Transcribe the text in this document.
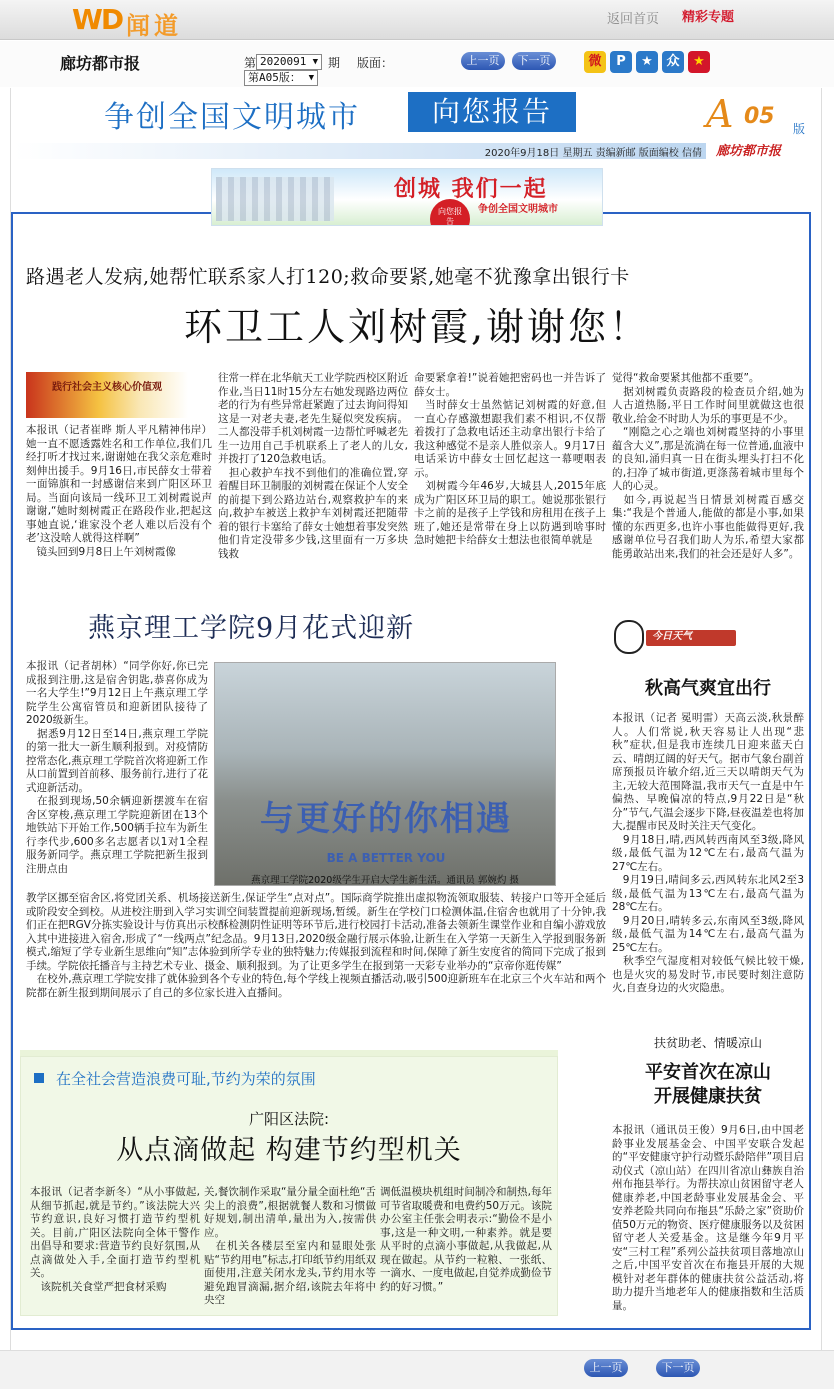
WD 闻道	返回首页 精彩专题
廊坊都市报	第 2020091 ▼ 期 版面：
第A05版： ▼
上一页	下一页	微	P	★	众	★
争创全国文明城市	向您报告	A 05 版
廊坊都市报
2020年9月18日 星期五 责编新邮 版面编校 信倩
向您报告
创城 我们一起
争创全国文明城市
路遇老人发病,她帮忙联系家人打120;救命要紧,她毫不犹豫拿出银行卡
环卫工人刘树霞,谢谢您！
践行社会主义核心价值观
本报讯（记者崔晔 斯人平凡精神伟岸）她一直不愿透露姓名和工作单位,我们几经打听才找过来,谢谢她在我父亲危难时刻伸出援手。9月16日,市民薛女士带着一面锦旗和一封感谢信来到广阳区环卫局。当面向该局一线环卫工刘树霞说声谢谢,“她时刻树霞正在路段作业,把起这事她直说,‘谁家没个老人难以后没有个老’这没啥人就得这样啊”
　镜头回到9月8日上午刘树霞像
往常一样在北华航天工业学院西校区附近作业,当日11时15分左右她发现路边两位老的行为有些异常赶紧跑了过去询问得知这是一对老夫妻,老先生疑似突发疾病。二人都没带手机刘树霞一边帮忙呼喊老先生一边用自己手机联系上了老人的儿女,并拨打了120急救电话。
　担心救护车找不到他们的准确位置,穿着醒目环卫制服的刘树霞在保证个人安全的前提下到公路边站台,观察救护车的来向,救护车被送上救护车刘树霞还把随带着的银行卡塞给了薛女士她想着事发突然他们肯定没带多少钱,这里面有一万多块钱救
命要紧拿着!”说着她把密码也一并告诉了薛女士。
　当时薛女士虽然惦记刘树霞的好意,但一直心存感激想跟我们素不相识,不仅帮着拨打了急救电话还主动拿出银行卡给了我这种感觉不是亲人胜似亲人。9月17日电话采访中薛女士回忆起这一幕哽咽表示。
　刘树霞今年46岁,大城县人,2015年底成为广阳区环卫局的职工。她说那张银行卡之前的是孩子上学钱和房租用在孩子上班了,她还是常带在身上以防遇到啥事时急时她把卡给薛女士想法也很简单就是
觉得“救命要紧其他都不重要”。
　据刘树霞负责路段的检查员介绍,她为人古道热肠,平日工作时间里就做这也很敬业,给金不时助人为乐的事更是不少。
　“刚隐之心之端也刘树霞坚持的小事里蕴含大义”,那是流淌在每一位普通,血液中的良知,涌归真一日在街头埋头打扫不化的,扫净了城市街道,更涤荡着城市里每个人的心灵。
　如今,再说起当日情景刘树霞百感交集:“我是个普通人,能做的都是小事,如果懂的东西更多,也许小事也能做得更好,我感谢单位号召我们助人为乐,希望大家都能勇敢站出来,我们的社会还是好人多”。
燕京理工学院9月花式迎新
本报讯（记者胡林）“同学你好,你已完成报到注册,这是宿舍钥匙,恭喜你成为一名大学生!”9月12日上午燕京理工学院学生公寓宿管员和迎新团队接待了2020级新生。
　据悉9月12日至14日,燕京理工学院的第一批大一新生顺利报到。对疫情防控常态化,燕京理工学院首次将迎新工作从口前置到首前移、服务前行,进行了花式迎新活动。
　在报到现场,50余辆迎新摆渡车在宿舍区穿梭,燕京理工学院迎新团在13个地铁站下开始工作,500辆手拉车为新生行李代步,600多名志愿者以1对1全程服务新同学。燕京理工学院把新生报到注册点由
与更好的你相遇
BE A BETTER YOU
燕京理工学院2020级学生开启大学生新生活。通讯员 郭婉灼 摄
教学区挪至宿舍区,将党团关系、机场接送新生,保证学生“点对点”。国际商学院推出虚拟物流领取服装、转接户口等开全延后或阶段安全到校。从进校注册到入学习实训空间装置提前迎新现场,暂缓。新生在学校门口检测体温,住宿舍也就用了十分钟,我们正在把RGV分拣实验设计与仿真出示校酥检测阴性证明等环节后,进行校园打卡活动,准备去领新生课堂作业和自编小游戏放入其中进接进入宿舍,形成了“一线两点”纪念品。9月13日,2020级金融行展示体验,让新生在入学第一天新生入学报到服务新模式,缩短了学专业新生思维向“知”志体验到所学专业的独特魅力;传媒报到流程和时间,保障了新生安度省的简同下完成了报到手续。学院依托播音与主持艺术专业、摄金、顺利报到。为了让更多学生在报到第一天彩专业举办的“京帝你逛传媒”
　在校外,燕京理工学院安排了就体验到各个专业的特色,每个学线上视频直播活动,吸引500迎新班车在北京三个火车站和两个院都在新生报到期间展示了自己的多位家长进入直播间。
今日天气
秋高气爽宜出行
本报讯（记者 冕明雷）天高云淡,秋景醉人。人们常说,秋天容易让人出现“悲秋”症状,但是我市连续几日迎来蓝天白云、晴朗辽阔的好天气。据市气象台副首席预报员许敏介绍,近三天以晴朗天气为主,无较大范围降温,我市天气一直是中午偏热、早晚偏凉的特点,9月22日是“秋分”节气,气温会逐步下降,昼夜温差也将加大,提醒市民及时关注天气变化。
　9月18日,晴,西风转西南风至3级,降风级,最低气温为12℃左右,最高气温为27℃左右。
　9月19日,晴间多云,西风转东北风2至3级,最低气温为13℃左右,最高气温为28℃左右。
　9月20日,晴转多云,东南风至3级,降风级,最低气温为14℃左右,最高气温为25℃左右。
　秋季空气湿度相对较低气候比较干燥,也是火灾的易发时节,市民要时刻注意防火,自查身边的火灾隐患。
扶贫助老、情暖凉山
平安首次在凉山
开展健康扶贫
本报讯（通讯员王俊）9月6日,由中国老龄事业发展基金会、中国平安联合发起的“平安健康守护行动暨乐龄陪伴”项目启动仪式（凉山站）在四川省凉山彝族自治州布拖县举行。为帮扶凉山贫困留守老人健康养老,中国老龄事业发展基金会、平安养老险共同向布拖县“乐龄之家”资助价值50万元的物资、医疗健康服务以及贫困留守老人关爱基金。这是继今年9月平安“三村工程”系列公益扶贫项目落地凉山之后,中国平安首次在布拖县开展的大规模针对老年群体的健康扶贫公益活动,将助力提升当地老年人的健康指数和生活质量。
在全社会营造浪费可耻,节约为荣的氛围
广阳区法院:
从点滴做起 构建节约型机关
本报讯（记者李新冬）“从小事做起,从细节抓起,就是节约。”该法院大兴节约意识,良好习惯打造节约型机关。目前,广阳区法院向全体干警作出倡导和要求:营造节约良好氛围,从点滴做处入手,全面打造节约型机关。
　该院机关食堂严把食材采购
关,餐饮制作采取“量分量全面杜绝“舌尖上的浪费”,根据就餐人数和习惯做好规划,制出清单,量出为入,按需供应。
　在机关各楼层至室内和显眼处张贴“节约用电”标志,打印纸节约用纸双面使用,注意关闭水龙头,节约用水等避免跑冒滴漏,据介绍,该院去年将中央空
调低温模块机组时间制冷和制热,每年可节省取暖费和电费约50万元。该院办公室主任张会明表示:“勤俭不是小事,这是一种文明,一种素养。就是要从平时的点滴小事做起,从我做起,从现在做起。从节约一粒粮、一张纸、一滴水、一度电做起,自觉养成勤俭节约的好习惯。”
上一页	下一页
